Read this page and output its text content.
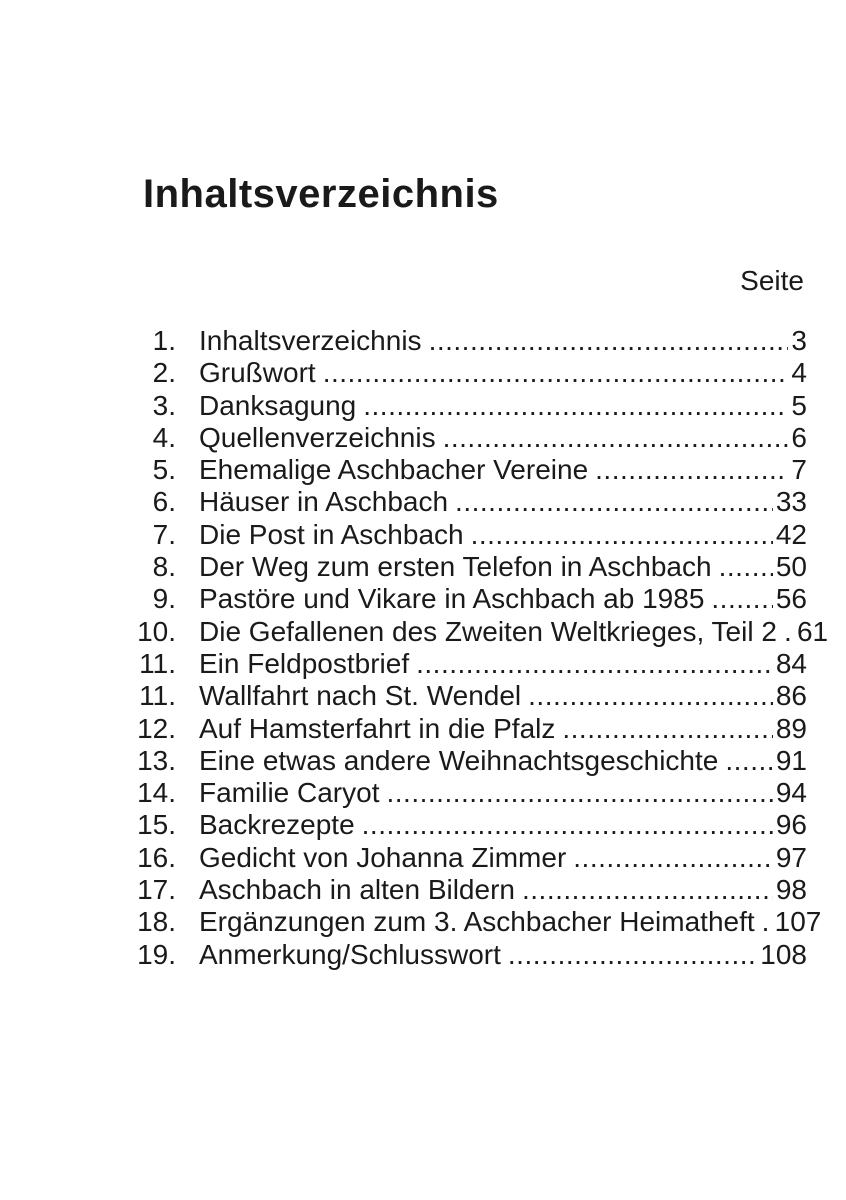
Inhaltsverzeichnis
Seite
1. Inhaltsverzeichnis .....	3
2. Grußwort .....	4
3. Danksagung .....	5
4. Quellenverzeichnis .....	6
5. Ehemalige Aschbacher Vereine .....	7
6. Häuser in Aschbach .....	33
7. Die Post in Aschbach .....	42
8. Der Weg zum ersten Telefon in Aschbach ..... 50
9. Pastöre und Vikare in Aschbach ab 1985 .....	56
10. Die Gefallenen des Zweiten Weltkrieges, Teil 2 ..... 61
11. Ein Feldpostbrief .....	84
11. Wallfahrt nach St. Wendel .....	86
12. Auf Hamsterfahrt in die Pfalz .....	89
13. Eine etwas andere Weihnachtsgeschichte ..... 91
14. Familie Caryot .....	94
15. Backrezepte .....	96
16. Gedicht von Johanna Zimmer .....	97
17. Aschbach in alten Bildern .....	98
18. Ergänzungen zum 3. Aschbacher Heimatheft ..... 107
19. Anmerkung/Schlusswort .....	108
